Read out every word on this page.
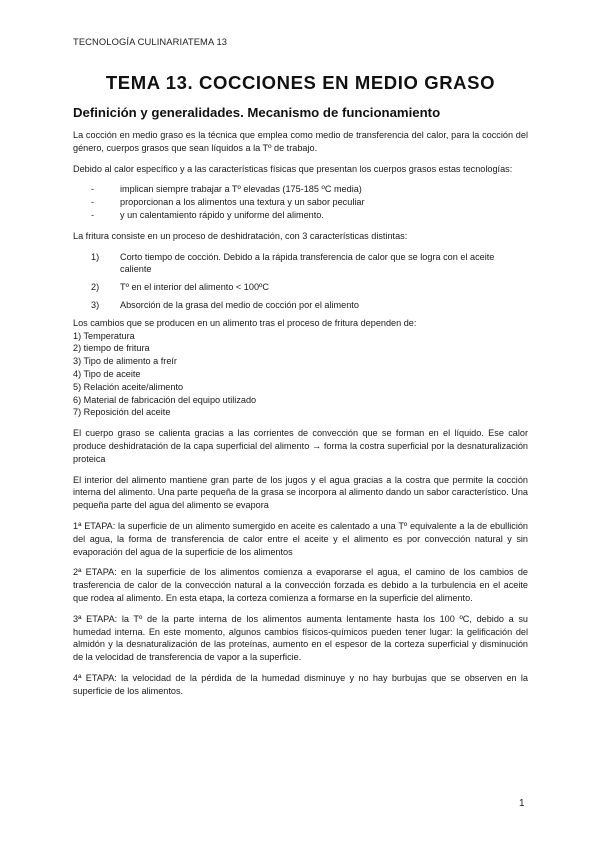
TECNOLOGÍA CULINARIATEMA 13
TEMA 13. COCCIONES EN MEDIO GRASO
Definición y generalidades. Mecanismo de funcionamiento

La cocción en medio graso es la técnica que emplea como medio de transferencia del calor, para la cocción del género, cuerpos grasos que sean líquidos a la Tº de trabajo.

Debido al calor específico y a las características físicas que presentan los cuerpos grasos estas tecnologías:

-	implican siempre trabajar a Tº elevadas (175-185 ºC media)
-	proporcionan a los alimentos una textura y un sabor peculiar
-	y un calentamiento rápido y uniforme del alimento.

La fritura consiste en un proceso de deshidratación, con 3 características distintas:

1) Corto tiempo de cocción. Debido a la rápida transferencia de calor que se logra con el aceite caliente
2) Tº en el interior del alimento < 100ºC
3) Absorción de la grasa del medio de cocción por el alimento

Los cambios que se producen en un alimento tras el proceso de fritura dependen de:

1) Temperatura
2) tiempo de fritura
3) Tipo de alimento a freír
4) Tipo de aceite
5) Relación aceite/alimento
6) Material de fabricación del equipo utilizado
7) Reposición del aceite

El cuerpo graso se calienta gracias a las corrientes de convección que se forman en el líquido. Ese calor produce deshidratación de la capa superficial del alimento → forma la costra superficial por la desnaturalización proteica

El interior del alimento mantiene gran parte de los jugos y el agua gracias a la costra que permite la cocción interna del alimento. Una parte pequeña de la grasa se incorpora al alimento dando un sabor característico. Una pequeña parte del agua del alimento se evapora

1ª ETAPA: la superficie de un alimento sumergido en aceite es calentado a una Tº equivalente a la de ebullición del agua, la forma de transferencia de calor entre el aceite y el alimento es por convección natural y sin evaporación del agua de la superficie de los alimentos

2ª ETAPA: en la superficie de los alimentos comienza a evaporarse el agua, el camino de los cambios de trasferencia de calor de la convección natural a la convección forzada es debido a la turbulencia en el aceite que rodea al alimento. En esta etapa, la corteza comienza a formarse en la superficie del alimento.

3ª ETAPA: la Tº de la parte interna de los alimentos aumenta lentamente hasta los 100 ºC, debido a su humedad interna. En este momento, algunos cambios físicos-químicos pueden tener lugar: la gelificación del almidón y la desnaturalización de las proteínas, aumento en el espesor de la corteza superficial y disminución de la velocidad de transferencia de vapor a la superficie.

4ª ETAPA: la velocidad de la pérdida de la humedad disminuye y no hay burbujas que se observen en la superficie de los alimentos.

1
